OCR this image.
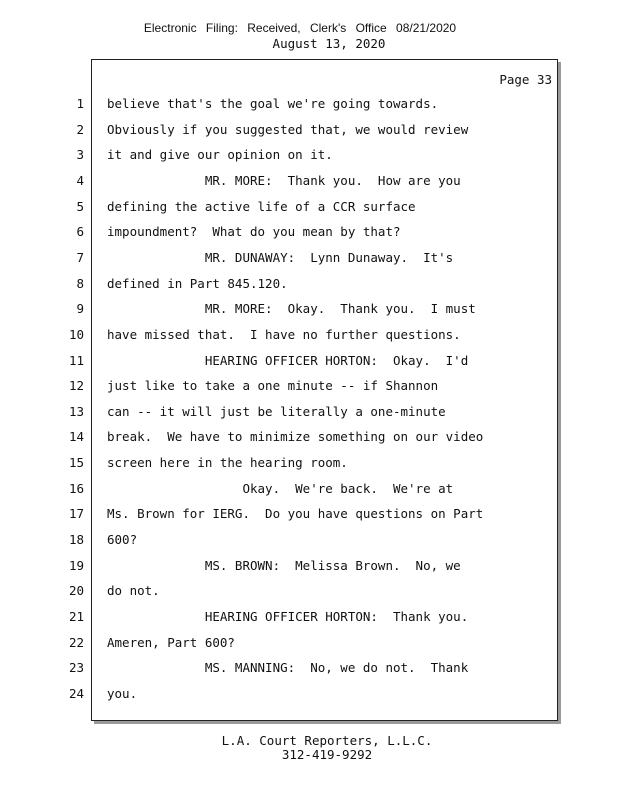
Electronic Filing: Received, Clerk's Office 08/21/2020
August 13, 2020
Page 33
1 believe that's the goal we're going towards.
2 Obviously if you suggested that, we would review
3 it and give our opinion on it.
4 MR. MORE:  Thank you.  How are you
5 defining the active life of a CCR surface
6 impoundment?  What do you mean by that?
7 MR. DUNAWAY:  Lynn Dunaway.  It's
8 defined in Part 845.120.
9 MR. MORE:  Okay.  Thank you.  I must
10 have missed that.  I have no further questions.
11 HEARING OFFICER HORTON:  Okay.  I'd
12 just like to take a one minute -- if Shannon
13 can -- it will just be literally a one-minute
14 break.  We have to minimize something on our video
15 screen here in the hearing room.
16 Okay.  We're back.  We're at
17 Ms. Brown for IERG.  Do you have questions on Part
18 600?
19 MS. BROWN:  Melissa Brown.  No, we
20 do not.
21 HEARING OFFICER HORTON:  Thank you.
22 Ameren, Part 600?
23 MS. MANNING:  No, we do not.  Thank
24 you.
L.A. Court Reporters, L.L.C.
312-419-9292
